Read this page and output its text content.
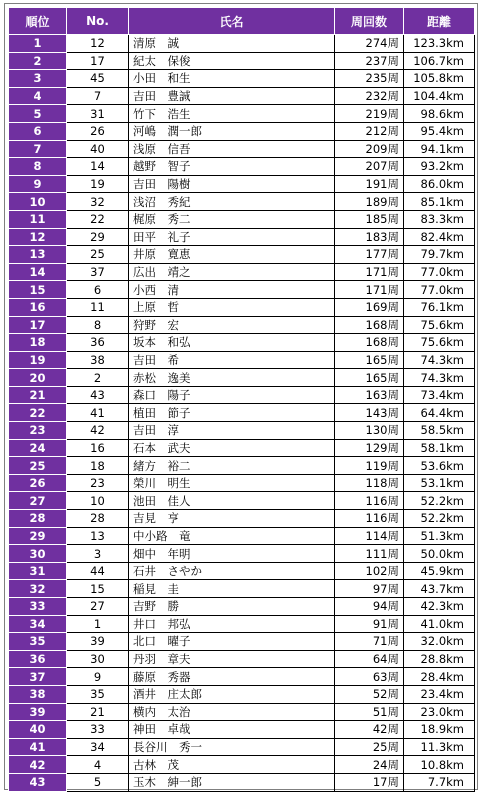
順位	No.	氏名	周回数	距離
1	12	清原　誠	274周	123.3km
2	17	紀太　保俊	237周	106.7km
3	45	小田　和生	235周	105.8km
4	7	吉田　豊誠	232周	104.4km
5	31	竹下　浩生	219周	98.6km
6	26	河嶋　潤一郎	212周	95.4km
7	40	浅原　信吾	209周	94.1km
8	14	越野　智子	207周	93.2km
9	19	吉田　陽樹	191周	86.0km
10	32	浅沼　秀紀	189周	85.1km
11	22	梶原　秀二	185周	83.3km
12	29	田平　礼子	183周	82.4km
13	25	井原　寛恵	177周	79.7km
14	37	広出　靖之	171周	77.0km
15	6	小西　清	171周	77.0km
16	11	上原　哲	169周	76.1km
17	8	狩野　宏	168周	75.6km
18	36	坂本　和弘	168周	75.6km
19	38	吉田　希	165周	74.3km
20	2	赤松　逸美	165周	74.3km
21	43	森口　陽子	163周	73.4km
22	41	植田　節子	143周	64.4km
23	42	吉田　淳	130周	58.5km
24	16	石本　武夫	129周	58.1km
25	18	緒方　裕二	119周	53.6km
26	23	榮川　明生	118周	53.1km
27	10	池田　佳人	116周	52.2km
28	28	吉見　亨	116周	52.2km
29	13	中小路　竜	114周	51.3km
30	3	畑中　年明	111周	50.0km
31	44	石井　さやか	102周	45.9km
32	15	稲見　圭	97周	43.7km
33	27	吉野　勝	94周	42.3km
34	1	井口　邦弘	91周	41.0km
35	39	北口　曜子	71周	32.0km
36	30	丹羽　章夫	64周	28.8km
37	9	藤原　秀器	63周	28.4km
38	35	酒井　庄太郎	52周	23.4km
39	21	横内　太治	51周	23.0km
40	33	神田　卓哉	42周	18.9km
41	34	長谷川　秀一	25周	11.3km
42	4	古林　茂	24周	10.8km
43	5	玉木　紳一郎	17周	7.7km
